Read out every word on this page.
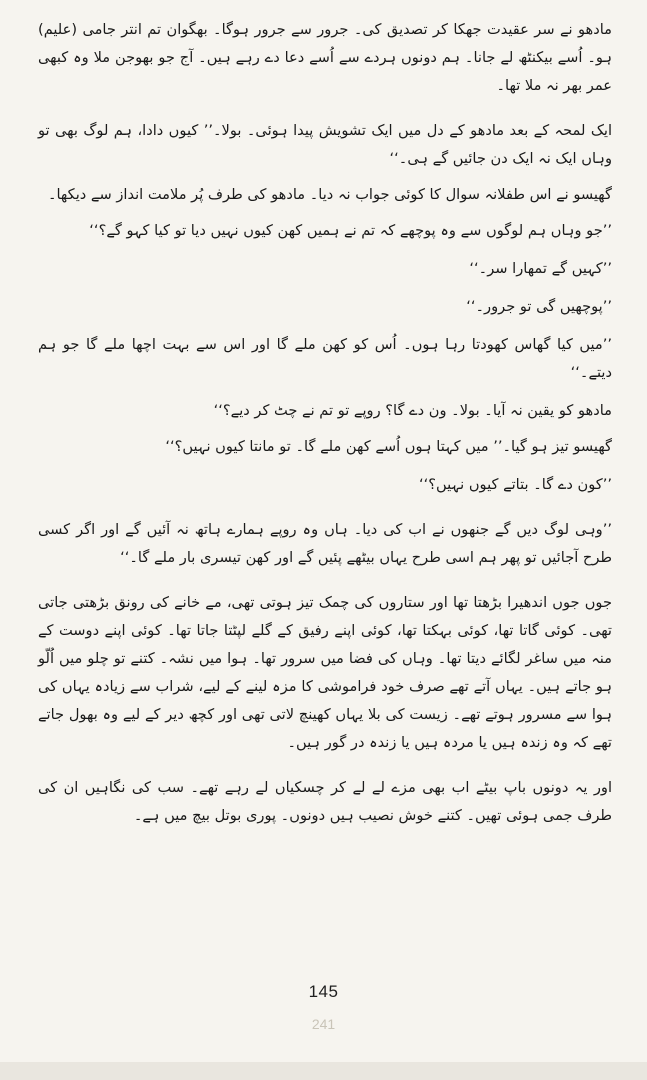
مادھو نے سر عقیدت جھکا کر تصدیق کی۔ جرور سے جرور ہوگا۔ بھگوان تم انتر جامی (علیم) ہو۔ اُسے بیکنٹھ لے جانا۔ ہم دونوں ہردے سے اُسے دعا دے رہے ہیں۔ آج جو بھوجن ملا وہ کبھی عمر بھر نہ ملا تھا۔

ایک لمحہ کے بعد مادھو کے دل میں ایک تشویش پیدا ہوئی۔ بولا۔’’ کیوں دادا، ہم لوگ بھی تو وہاں ایک نہ ایک دن جائیں گے ہی۔‘‘

گھیسو نے اس طفلانہ سوال کا کوئی جواب نہ دیا۔ مادھو کی طرف پُر ملامت انداز سے دیکھا۔

’’جو وہاں ہم لوگوں سے وہ پوچھے کہ تم نے ہمیں کھن کیوں نہیں دیا تو کیا کہو گے؟‘‘

’’کہیں گے تمھارا سر۔‘‘

’’پوچھیں گی تو جرور۔‘‘

’’میں کیا گھاس کھودتا رہا ہوں۔ اُس کو کھن ملے گا اور اس سے بہت اچھا ملے گا جو ہم دیتے۔‘‘

مادھو کو یقین نہ آیا۔ بولا۔ ون دے گا؟ روپے تو تم نے چٹ کر دیے؟‘‘

گھیسو تیز ہو گیا۔’’ میں کہتا ہوں اُسے کھن ملے گا۔ تو مانتا کیوں نہیں؟‘‘

’’کون دے گا۔ بتاتے کیوں نہیں؟‘‘

’’وہی لوگ دیں گے جنھوں نے اب کی دیا۔ ہاں وہ روپے ہمارے ہاتھ نہ آئیں گے اور اگر کسی طرح آجائیں تو پھر ہم اسی طرح یہاں بیٹھے پئیں گے اور کھن تیسری بار ملے گا۔‘‘

جوں جوں اندھیرا بڑھتا تھا اور ستاروں کی چمک تیز ہوتی تھی، مے خانے کی رونق بڑھتی جاتی تھی۔ کوئی گاتا تھا، کوئی بہکتا تھا، کوئی اپنے رفیق کے گلے لپٹتا جاتا تھا۔ کوئی اپنے دوست کے منہ میں ساغر لگائے دیتا تھا۔ وہاں کی فضا میں سرور تھا۔ ہوا میں نشہ۔ کتنے تو چلو میں اُلّو ہو جاتے ہیں۔ یہاں آتے تھے صرف خود فراموشی کا مزہ لینے کے لیے، شراب سے زیادہ یہاں کی ہوا سے مسرور ہوتے تھے۔ زیست کی بلا یہاں کھینچ لاتی تھی اور کچھ دیر کے لیے وہ بھول جاتے تھے کہ وہ زندہ ہیں یا مردہ ہیں یا زندہ در گور ہیں۔

اور یہ دونوں باپ بیٹے اب بھی مزے لے لے کر چسکیاں لے رہے تھے۔ سب کی نگاہیں ان کی طرف جمی ہوئی تھیں۔ کتنے خوش نصیب ہیں دونوں۔ پوری بوتل بیچ میں ہے۔

145
241
